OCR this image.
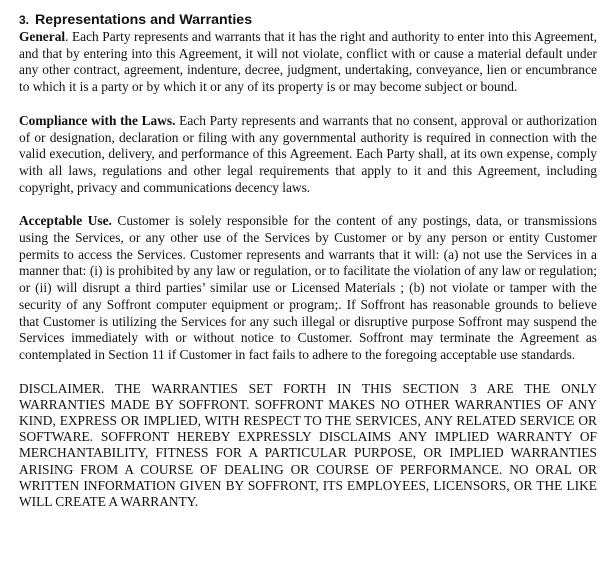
3. Representations and Warranties

General. Each Party represents and warrants that it has the right and authority to enter into this Agreement, and that by entering into this Agreement, it will not violate, conflict with or cause a material default under any other contract, agreement, indenture, decree, judgment, undertaking, conveyance, lien or encumbrance to which it is a party or by which it or any of its property is or may become subject or bound.

Compliance with the Laws. Each Party represents and warrants that no consent, approval or authorization of or designation, declaration or filing with any governmental authority is required in connection with the valid execution, delivery, and performance of this Agreement. Each Party shall, at its own expense, comply with all laws, regulations and other legal requirements that apply to it and this Agreement, including copyright, privacy and communications decency laws.

Acceptable Use. Customer is solely responsible for the content of any postings, data, or transmissions using the Services, or any other use of the Services by Customer or by any person or entity Customer permits to access the Services. Customer represents and warrants that it will: (a) not use the Services in a manner that: (i) is prohibited by any law or regulation, or to facilitate the violation of any law or regulation; or (ii) will disrupt a third parties’ similar use or Licensed Materials ; (b) not violate or tamper with the security of any Soffront computer equipment or program;. If Soffront has reasonable grounds to believe that Customer is utilizing the Services for any such illegal or disruptive purpose Soffront may suspend the Services immediately with or without notice to Customer. Soffront may terminate the Agreement as contemplated in Section 11 if Customer in fact fails to adhere to the foregoing acceptable use standards.

DISCLAIMER. THE WARRANTIES SET FORTH IN THIS SECTION 3 ARE THE ONLY WARRANTIES MADE BY SOFFRONT. SOFFRONT MAKES NO OTHER WARRANTIES OF ANY KIND, EXPRESS OR IMPLIED, WITH RESPECT TO THE SERVICES, ANY RELATED SERVICE OR SOFTWARE. SOFFRONT HEREBY EXPRESSLY DISCLAIMS ANY IMPLIED WARRANTY OF MERCHANTABILITY, FITNESS FOR A PARTICULAR PURPOSE, OR IMPLIED WARRANTIES ARISING FROM A COURSE OF DEALING OR COURSE OF PERFORMANCE. NO ORAL OR WRITTEN INFORMATION GIVEN BY SOFFRONT, ITS EMPLOYEES, LICENSORS, OR THE LIKE WILL CREATE A WARRANTY.
